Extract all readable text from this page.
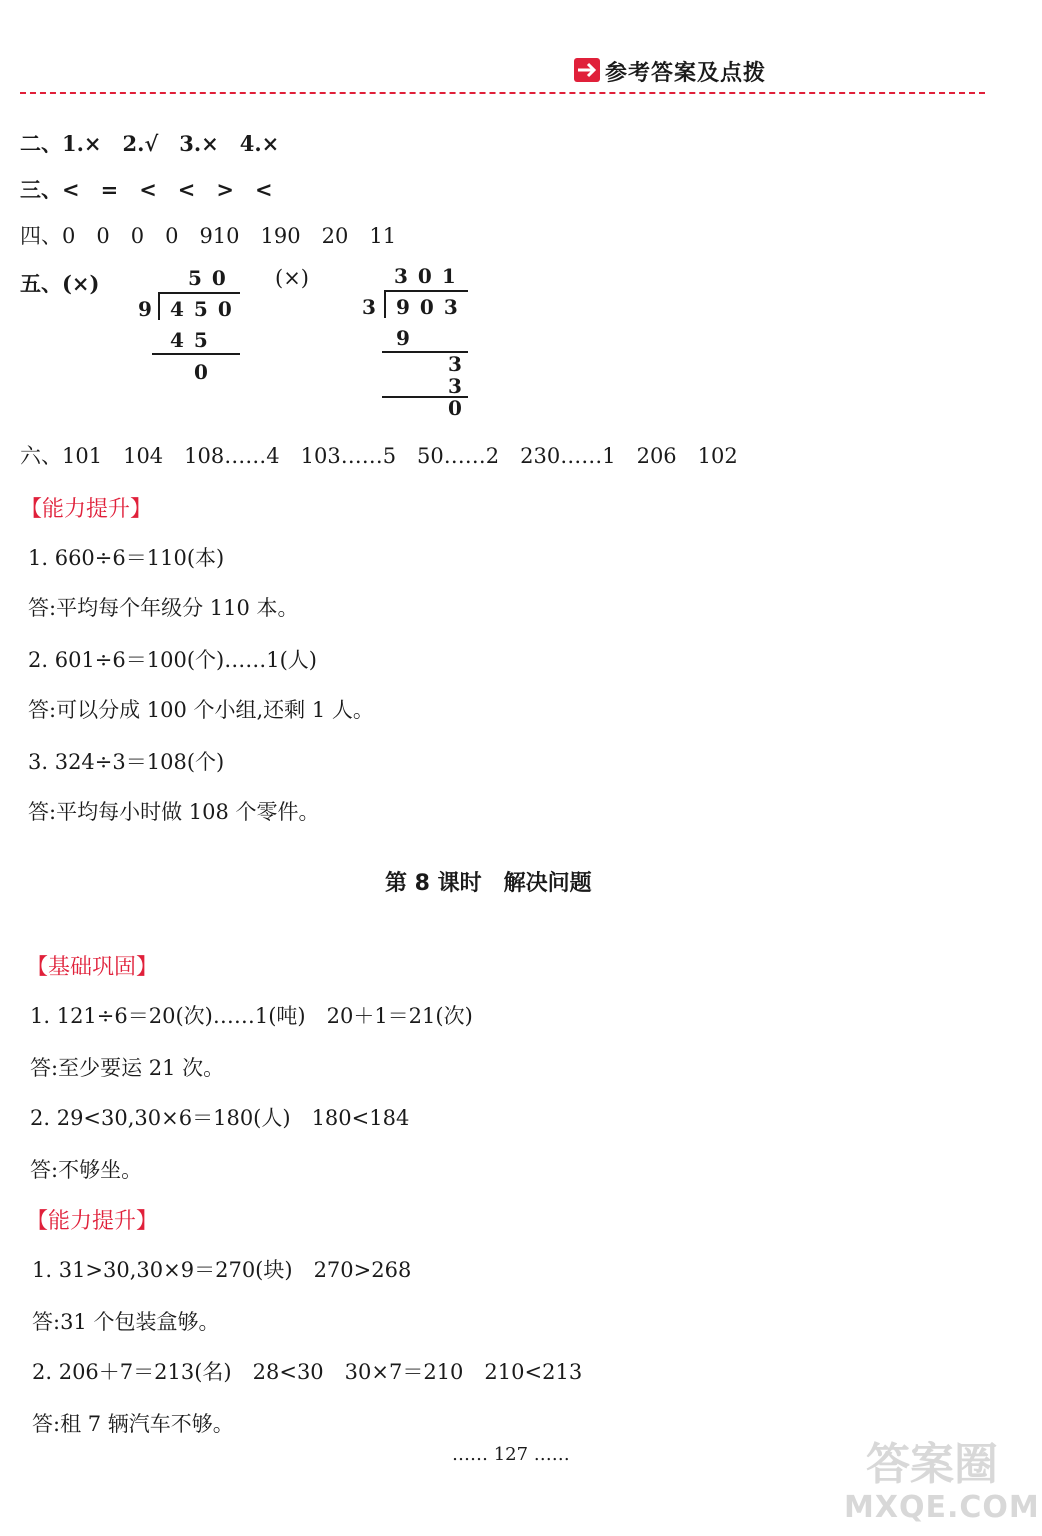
参考答案及点拨
二、1.×　2.√　3.×　4.×
三、<　=　<　<　>　<
四、0　0　0　0　910　190　20　11
五、(×)	(×)
50
9 450
45
0
301
3 903
9
3
3
0
六、101　104　108……4　103……5　50……2　230……1　206　102
【能力提升】
1. 660÷6＝110(本)
答:平均每个年级分 110 本。
2. 601÷6＝100(个)……1(人)
答:可以分成 100 个小组,还剩 1 人。
3. 324÷3＝108(个)
答:平均每小时做 108 个零件。
第 8 课时　解决问题
【基础巩固】
1. 121÷6＝20(次)……1(吨)　20＋1＝21(次)
答:至少要运 21 次。
2. 29<30,30×6＝180(人)　180<184
答:不够坐。
【能力提升】
1. 31>30,30×9＝270(块)　270>268
答:31 个包装盒够。
2. 206＋7＝213(名)　28<30　30×7＝210　210<213
答:租 7 辆汽车不够。
…… 127 ……	答案圈
MXQE.COM
